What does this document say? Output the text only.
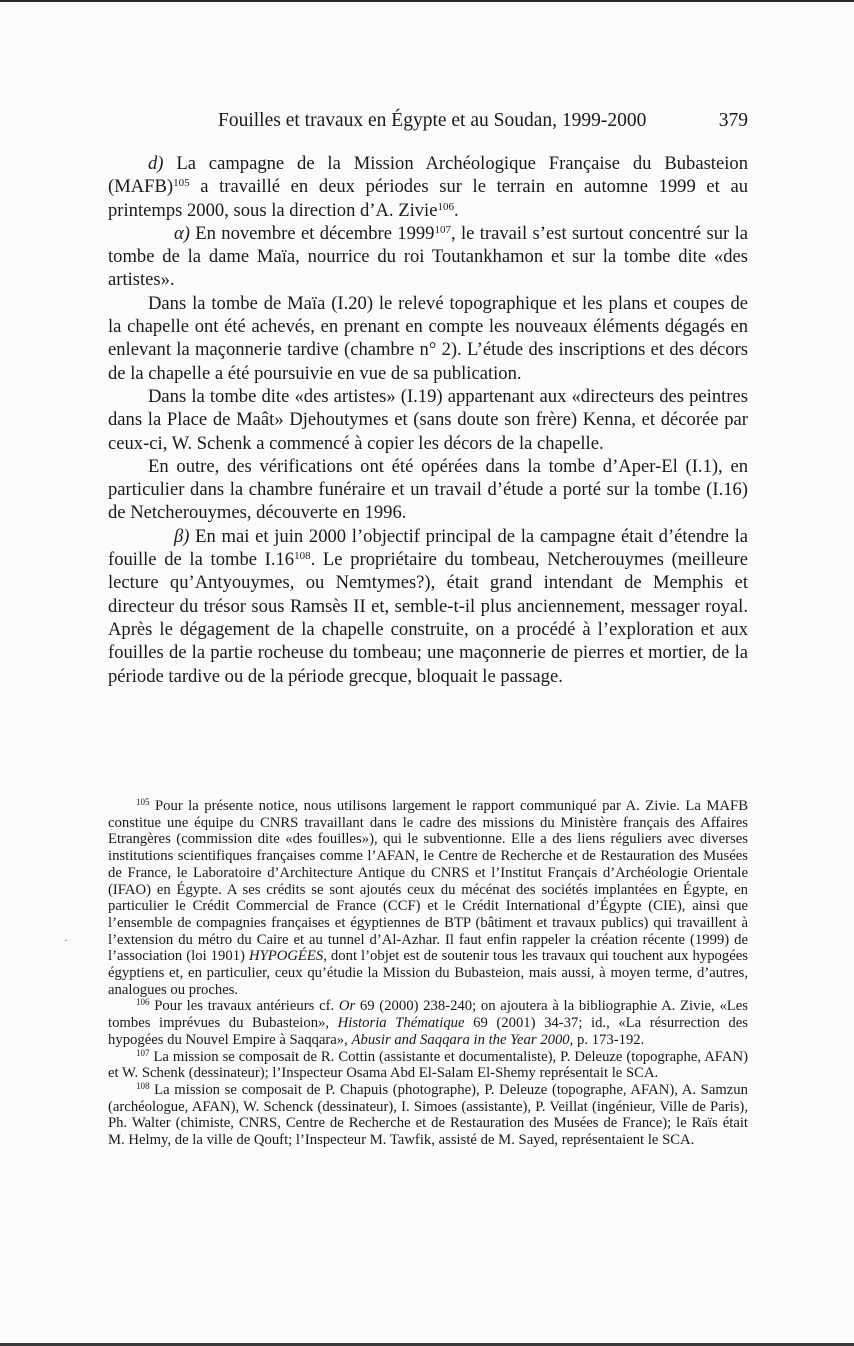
Fouilles et travaux en Égypte et au Soudan, 1999-2000	379

d) La campagne de la Mission Archéologique Française du Bubasteion (MAFB)$^{105}$ a travaillé en deux périodes sur le terrain en automne 1999 et au printemps 2000, sous la direction d’A. Zivie$^{106}$.

α) En novembre et décembre 1999$^{107}$, le travail s’est surtout concentré sur la tombe de la dame Maïa, nourrice du roi Toutankhamon et sur la tombe dite «des artistes».

Dans la tombe de Maïa (I.20) le relevé topographique et les plans et coupes de la chapelle ont été achevés, en prenant en compte les nouveaux éléments dégagés en enlevant la maçonnerie tardive (chambre n° 2). L’étude des inscriptions et des décors de la chapelle a été poursuivie en vue de sa publication.

Dans la tombe dite «des artistes» (I.19) appartenant aux «directeurs des peintres dans la Place de Maât» Djehoutymes et (sans doute son frère) Kenna, et décorée par ceux-ci, W. Schenk a commencé à copier les décors de la chapelle.

En outre, des vérifications ont été opérées dans la tombe d’Aper-El (I.1), en particulier dans la chambre funéraire et un travail d’étude a porté sur la tombe (I.16) de Netcherouymes, découverte en 1996.

β) En mai et juin 2000 l’objectif principal de la campagne était d’étendre la fouille de la tombe $I.16^{108}$. Le propriétaire du tombeau, Netcherouymes (meilleure lecture qu’Antyouymes, ou Nemtymes?), était grand intendant de Memphis et directeur du trésor sous Ramsès II et, semble-t-il plus anciennement, messager royal. Après le dégagement de la chapelle construite, on a procédé à l’exploration et aux fouilles de la partie rocheuse du tombeau; une maçonnerie de pierres et mortier, de la période tardive ou de la période grecque, bloquait le passage.

·

$^{105}$ Pour la présente notice, nous utilisons largement le rapport communiqué par A. Zivie. La MAFB constitue une équipe du CNRS travaillant dans le cadre des missions du Ministère français des Affaires Etrangères (commission dite «des fouilles»), qui le subventionne. Elle a des liens réguliers avec diverses institutions scientifiques françaises comme l’AFAN, le Centre de Recherche et de Restauration des Musées de France, le Laboratoire d’Architecture Antique du CNRS et l’Institut Français d’Archéologie Orientale (IFAO) en Égypte. A ses crédits se sont ajoutés ceux du mécénat des sociétés implantées en Égypte, en particulier le Crédit Commercial de France (CCF) et le Crédit International d’Égypte (CIE), ainsi que l’ensemble de compagnies françaises et égyptiennes de BTP (bâtiment et travaux publics) qui travaillent à l’extension du métro du Caire et au tunnel d’Al-Azhar. Il faut enfin rappeler la création récente (1999) de l’association (loi 1901) HYPOGÉES, dont l’objet est de soutenir tous les travaux qui touchent aux hypogées égyptiens et, en particulier, ceux qu’étudie la Mission du Bubasteion, mais aussi, à moyen terme, d’autres, analogues ou proches.

$^{106}$ Pour les travaux antérieurs cf. Or 69 (2000) 238-240; on ajoutera à la bibliographie A. Zivie, «Les tombes imprévues du Bubasteion», Historia Thématique 69 (2001) 34-37; id., «La résurrection des hypogées du Nouvel Empire à Saqqara», Abusir and Saqqara in the Year 2000, p. 173-192.

$^{107}$ La mission se composait de R. Cottin (assistante et documentaliste), P. Deleuze (topographe, AFAN) et W. Schenk (dessinateur); l’Inspecteur Osama Abd El-Salam El-Shemy représentait le SCA.

$^{108}$ La mission se composait de P. Chapuis (photographe), P. Deleuze (topographe, AFAN), A. Samzun (archéologue, AFAN), W. Schenck (dessinateur), I. Simoes (assistante), P. Veillat (ingénieur, Ville de Paris), Ph. Walter (chimiste, CNRS, Centre de Recherche et de Restauration des Musées de France); le Raïs était M. Helmy, de la ville de Qouft; l’Inspecteur M. Tawfik, assisté de M. Sayed, représentaient le SCA.
